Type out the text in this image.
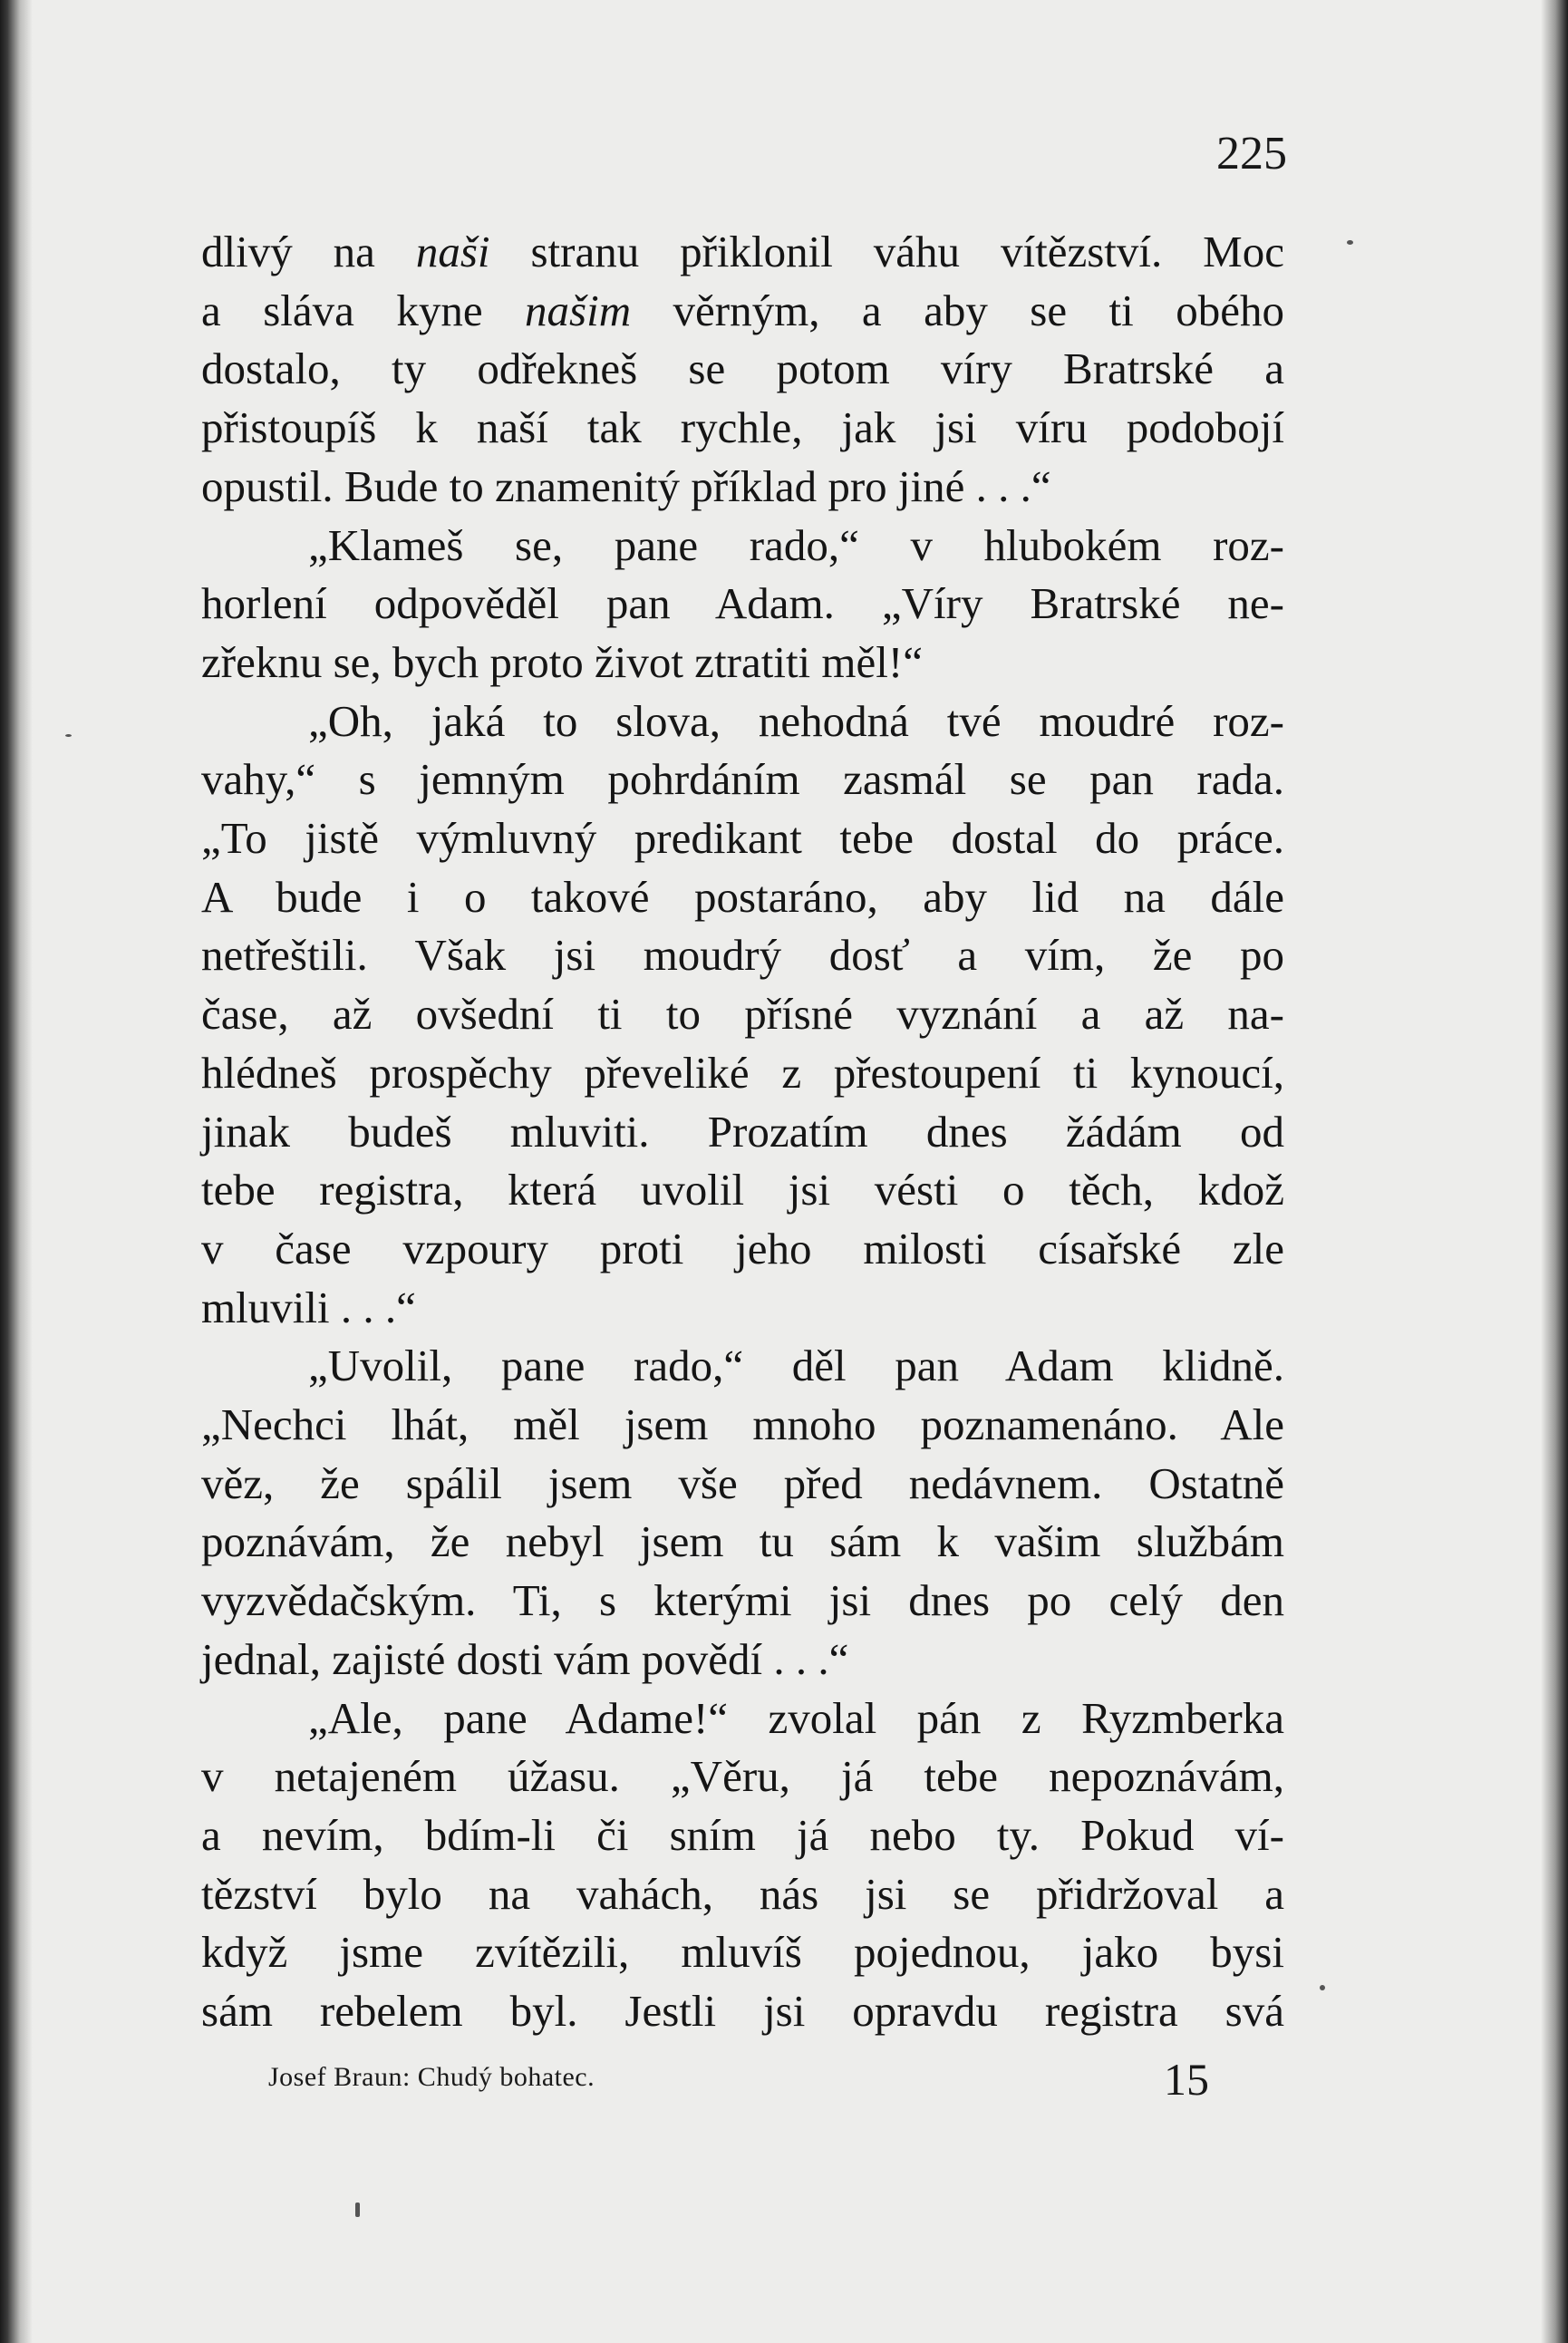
225
dlivý na naši stranu přiklonil váhu vítězství. Moc
a sláva kyne našim věrným, a aby se ti obého
dostalo, ty odřekneš se potom víry Bratrské a
přistoupíš k naší tak rychle, jak jsi víru podobojí
opustil. Bude to znamenitý příklad pro jiné . . .“
„Klameš se, pane rado,“ v hlubokém roz-
horlení odpověděl pan Adam. „Víry Bratrské ne-
zřeknu se, bych proto život ztratiti měl!“
„Oh, jaká to slova, nehodná tvé moudré roz-
vahy,“ s jemným pohrdáním zasmál se pan rada.
„To jistě výmluvný predikant tebe dostal do práce.
A bude i o takové postaráno, aby lid na dále
netřeštili. Však jsi moudrý dosť a vím, že po
čase, až ovšední ti to přísné vyznání a až na-
hlédneš prospěchy převeliké z přestoupení ti kynoucí,
jinak budeš mluviti. Prozatím dnes žádám od
tebe registra, která uvolil jsi vésti o těch, kdož
v čase vzpoury proti jeho milosti císařské zle
mluvili . . .“
„Uvolil, pane rado,“ děl pan Adam klidně.
„Nechci lhát, měl jsem mnoho poznamenáno. Ale
věz, že spálil jsem vše před nedávnem. Ostatně
poznávám, že nebyl jsem tu sám k vašim službám
vyzvědačským. Ti, s kterými jsi dnes po celý den
jednal, zajisté dosti vám povědí . . .“
„Ale, pane Adame!“ zvolal pán z Ryzmberka
v netajeném úžasu. „Věru, já tebe nepoznávám,
a nevím, bdím-li či sním já nebo ty. Pokud ví-
tězství bylo na vahách, nás jsi se přidržoval a
když jsme zvítězili, mluvíš pojednou, jako bysi
sám rebelem byl. Jestli jsi opravdu registra svá
Josef Braun: Chudý bohatec.	15
